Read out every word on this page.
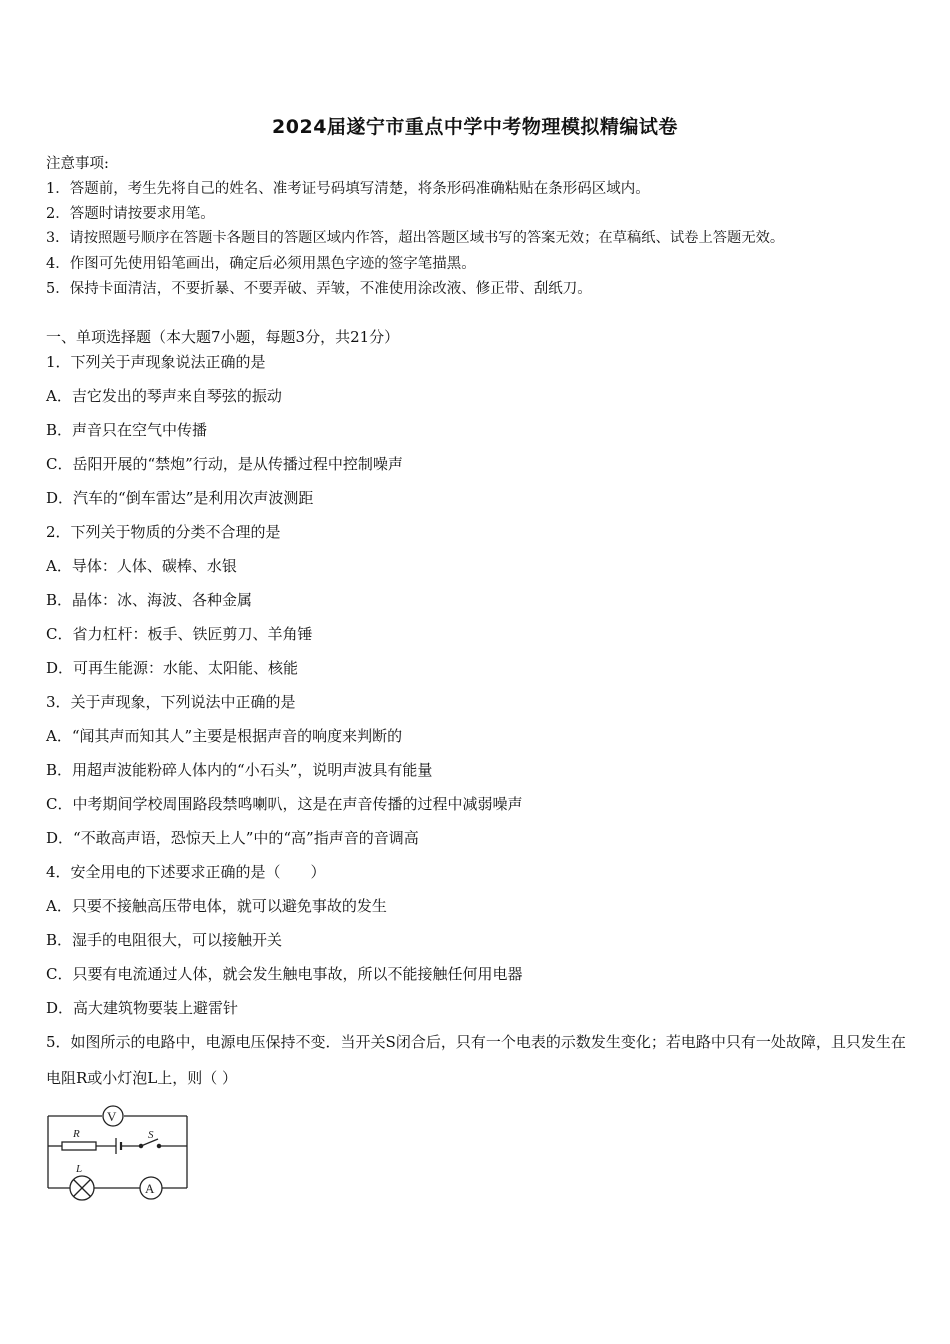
2024届遂宁市重点中学中考物理模拟精编试卷
注意事项:
1．答题前，考生先将自己的姓名、准考证号码填写清楚，将条形码准确粘贴在条形码区域内。
2．答题时请按要求用笔。
3．请按照题号顺序在答题卡各题目的答题区域内作答，超出答题区域书写的答案无效；在草稿纸、试卷上答题无效。
4．作图可先使用铅笔画出，确定后必须用黑色字迹的签字笔描黑。
5．保持卡面清洁，不要折暴、不要弄破、弄皱，不准使用涂改液、修正带、刮纸刀。
一、单项选择题（本大题7小题，每题3分，共21分）
1．下列关于声现象说法正确的是
A．吉它发出的琴声来自琴弦的振动
B．声音只在空气中传播
C．岳阳开展的“禁炮”行动，是从传播过程中控制噪声
D．汽车的“倒车雷达”是利用次声波测距
2．下列关于物质的分类不合理的是
A．导体：人体、碳棒、水银
B．晶体：冰、海波、各种金属
C．省力杠杆：板手、铁匠剪刀、羊角锤
D．可再生能源：水能、太阳能、核能
3．关于声现象，下列说法中正确的是
A．“闻其声而知其人”主要是根据声音的响度来判断的
B．用超声波能粉碎人体内的“小石头”，说明声波具有能量
C．中考期间学校周围路段禁鸣喇叭，这是在声音传播的过程中减弱噪声
D．“不敢高声语，恐惊天上人”中的“高”指声音的音调高
4．安全用电的下述要求正确的是（　　）
A．只要不接触高压带电体，就可以避免事故的发生
B．湿手的电阻很大，可以接触开关
C．只要有电流通过人体，就会发生触电事故，所以不能接触任何用电器
D．高大建筑物要装上避雷针
5．如图所示的电路中，电源电压保持不变．当开关S闭合后，只有一个电表的示数发生变化；若电路中只有一处故障，且只发生在电阻R或小灯泡L上，则（ ）
V
R	S
L
A
